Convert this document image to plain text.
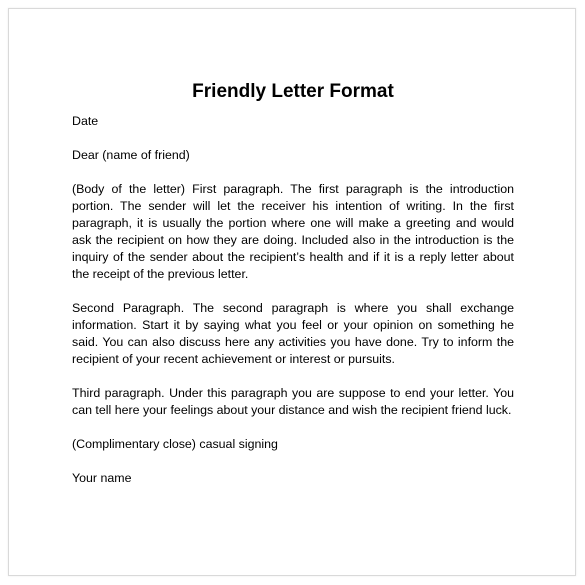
Friendly Letter Format

Date

Dear (name of friend)

(Body of the letter) First paragraph. The first paragraph is the introduction portion. The sender will let the receiver his intention of writing. In the first paragraph, it is usually the portion where one will make a greeting and would ask the recipient on how they are doing. Included also in the introduction is the inquiry of the sender about the recipient’s health and if it is a reply letter about the receipt of the previous letter.

Second Paragraph. The second paragraph is where you shall exchange information. Start it by saying what you feel or your opinion on something he said. You can also discuss here any activities you have done. Try to inform the recipient of your recent achievement or interest or pursuits.

Third paragraph. Under this paragraph you are suppose to end your letter. You can tell here your feelings about your distance and wish the recipient friend luck.

(Complimentary close) casual signing

Your name
